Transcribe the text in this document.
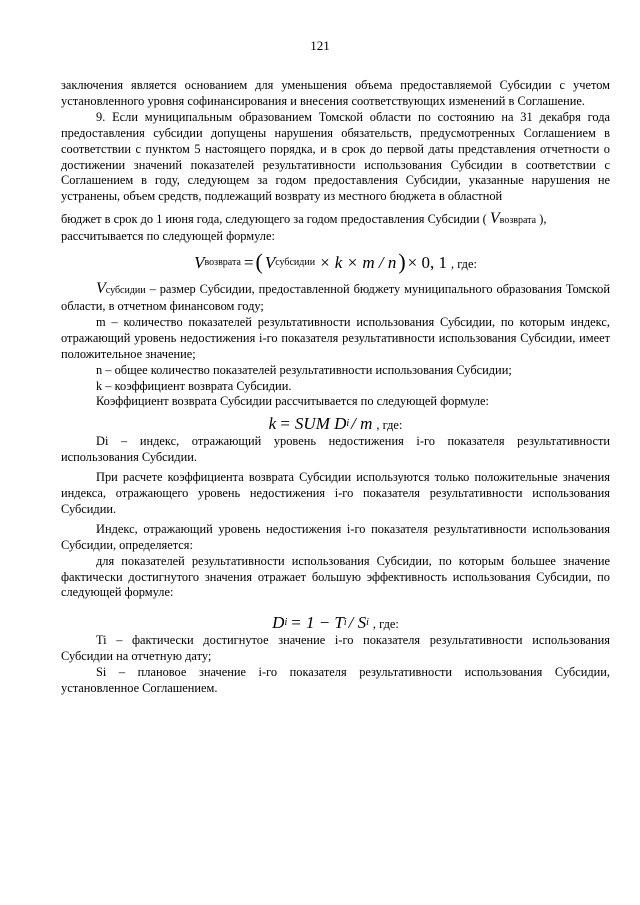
121

заключения является основанием для уменьшения объема предоставляемой Субсидии с учетом установленного уровня софинансирования и внесения соответствующих изменений в Соглашение.

9. Если муниципальным образованием Томской области по состоянию на 31 декабря года предоставления субсидии допущены нарушения обязательств, предусмотренных Соглашением в соответствии с пунктом 5 настоящего порядка, и в срок до первой даты представления отчетности о достижении значений показателей результативности использования Субсидии в соответствии с Соглашением в году, следующем за годом предоставления Субсидии, указанные нарушения не устранены, объем средств, подлежащий возврату из местного бюджета в областной

бюджет в срок до 1 июня года, следующего за годом предоставления Субсидии ( Vвозврата ),

рассчитывается по следующей формуле:

V возврата = ( V субсидии × k × m / n ) × 0, 1 , где:

Vсубсидии – размер Субсидии, предоставленной бюджету муниципального образования Томской области, в отчетном финансовом году;

m – количество показателей результативности использования Субсидии, по которым индекс, отражающий уровень недостижения i-го показателя результативности использования Субсидии, имеет положительное значение;

n – общее количество показателей результативности использования Субсидии;

k – коэффициент возврата Субсидии.

Коэффициент возврата Субсидии рассчитывается по следующей формуле:

k = SUM D i / m , где:

Di – индекс, отражающий уровень недостижения i-го показателя результативности использования Субсидии.

При расчете коэффициента возврата Субсидии используются только положительные значения индекса, отражающего уровень недостижения i-го показателя результативности использования Субсидии.

Индекс, отражающий уровень недостижения i-го показателя результативности использования Субсидии, определяется:

для показателей результативности использования Субсидии, по которым большее значение фактически достигнутого значения отражает большую эффективность использования Субсидии, по следующей формуле:

D i = 1 − T i / S i , где:

Ti – фактически достигнутое значение i-го показателя результативности использования Субсидии на отчетную дату;

Si – плановое значение i-го показателя результативности использования Субсидии, установленное Соглашением.
